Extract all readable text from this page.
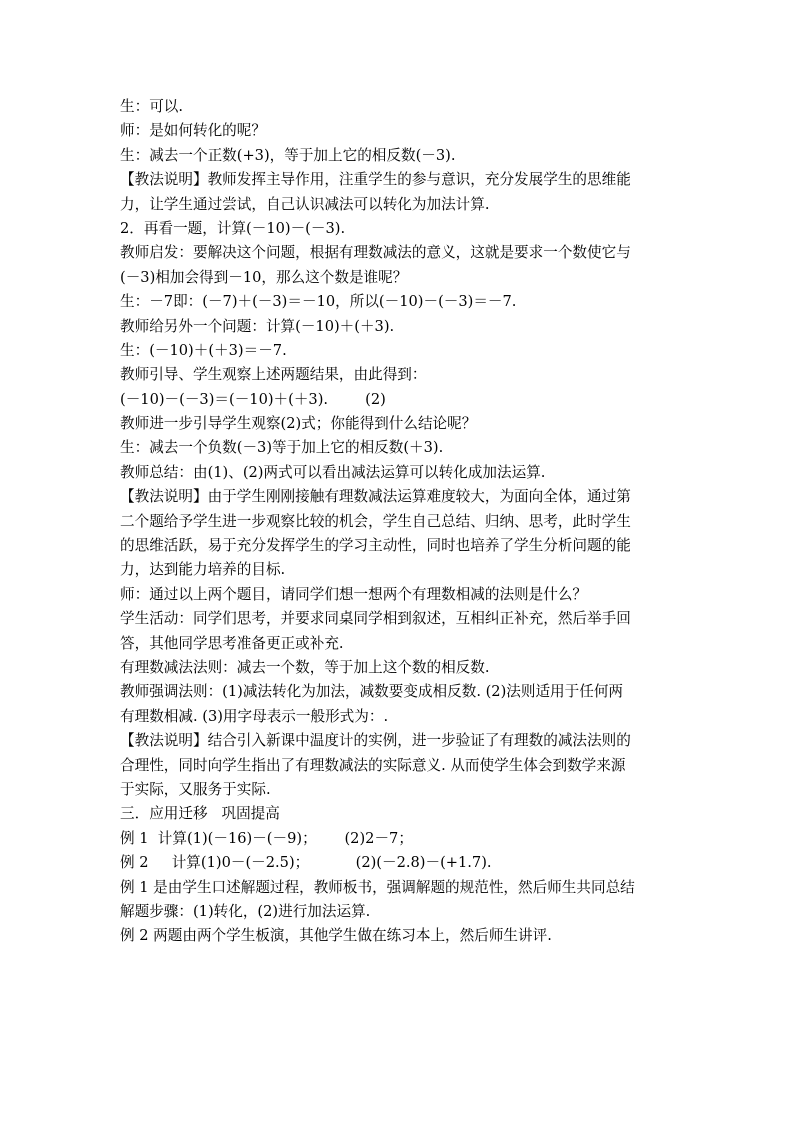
生：可以.
师：是如何转化的呢？
生：减去一个正数(+3)，等于加上它的相反数(－3).
【教法说明】教师发挥主导作用，注重学生的参与意识，充分发展学生的思维能
力，让学生通过尝试，自己认识减法可以转化为加法计算.
2．再看一题，计算(－10)－(－3).
教师启发：要解决这个问题，根据有理数减法的意义，这就是要求一个数使它与
(－3)相加会得到－10，那么这个数是谁呢？
生：－7即：(－7)＋(－3)＝－10，所以(－10)－(－3)＝－7.
教师给另外一个问题：计算(－10)＋(＋3).
生：(－10)＋(＋3)＝－7.
教师引导、学生观察上述两题结果，由此得到：
(－10)－(－3)＝(－10)＋(＋3).        (2)
教师进一步引导学生观察(2)式；你能得到什么结论呢？
生：减去一个负数(－3)等于加上它的相反数(＋3).
教师总结：由(1)、(2)两式可以看出减法运算可以转化成加法运算.
【教法说明】由于学生刚刚接触有理数减法运算难度较大，为面向全体，通过第
二个题给予学生进一步观察比较的机会，学生自己总结、归纳、思考，此时学生
的思维活跃，易于充分发挥学生的学习主动性，同时也培养了学生分析问题的能
力，达到能力培养的目标.
师：通过以上两个题目，请同学们想一想两个有理数相减的法则是什么？
学生活动：同学们思考，并要求同桌同学相到叙述，互相纠正补充，然后举手回
答，其他同学思考准备更正或补充.
有理数减法法则：减去一个数，等于加上这个数的相反数.
教师强调法则：(1)减法转化为加法，减数要变成相反数. (2)法则适用于任何两
有理数相减. (3)用字母表示一般形式为：.
【教法说明】结合引入新课中温度计的实例，进一步验证了有理数的减法法则的
合理性，同时向学生指出了有理数减法的实际意义. 从而使学生体会到数学来源
于实际，又服务于实际.
三．应用迁移   巩固提高
例 1  计算(1)(－16)－(－9)；      (2)2－7；
例 2     计算(1)0－(－2.5)；          (2)(－2.8)－(+1.7).
例 1 是由学生口述解题过程，教师板书，强调解题的规范性，然后师生共同总结
解题步骤：(1)转化，(2)进行加法运算.
例 2 两题由两个学生板演，其他学生做在练习本上，然后师生讲评.
